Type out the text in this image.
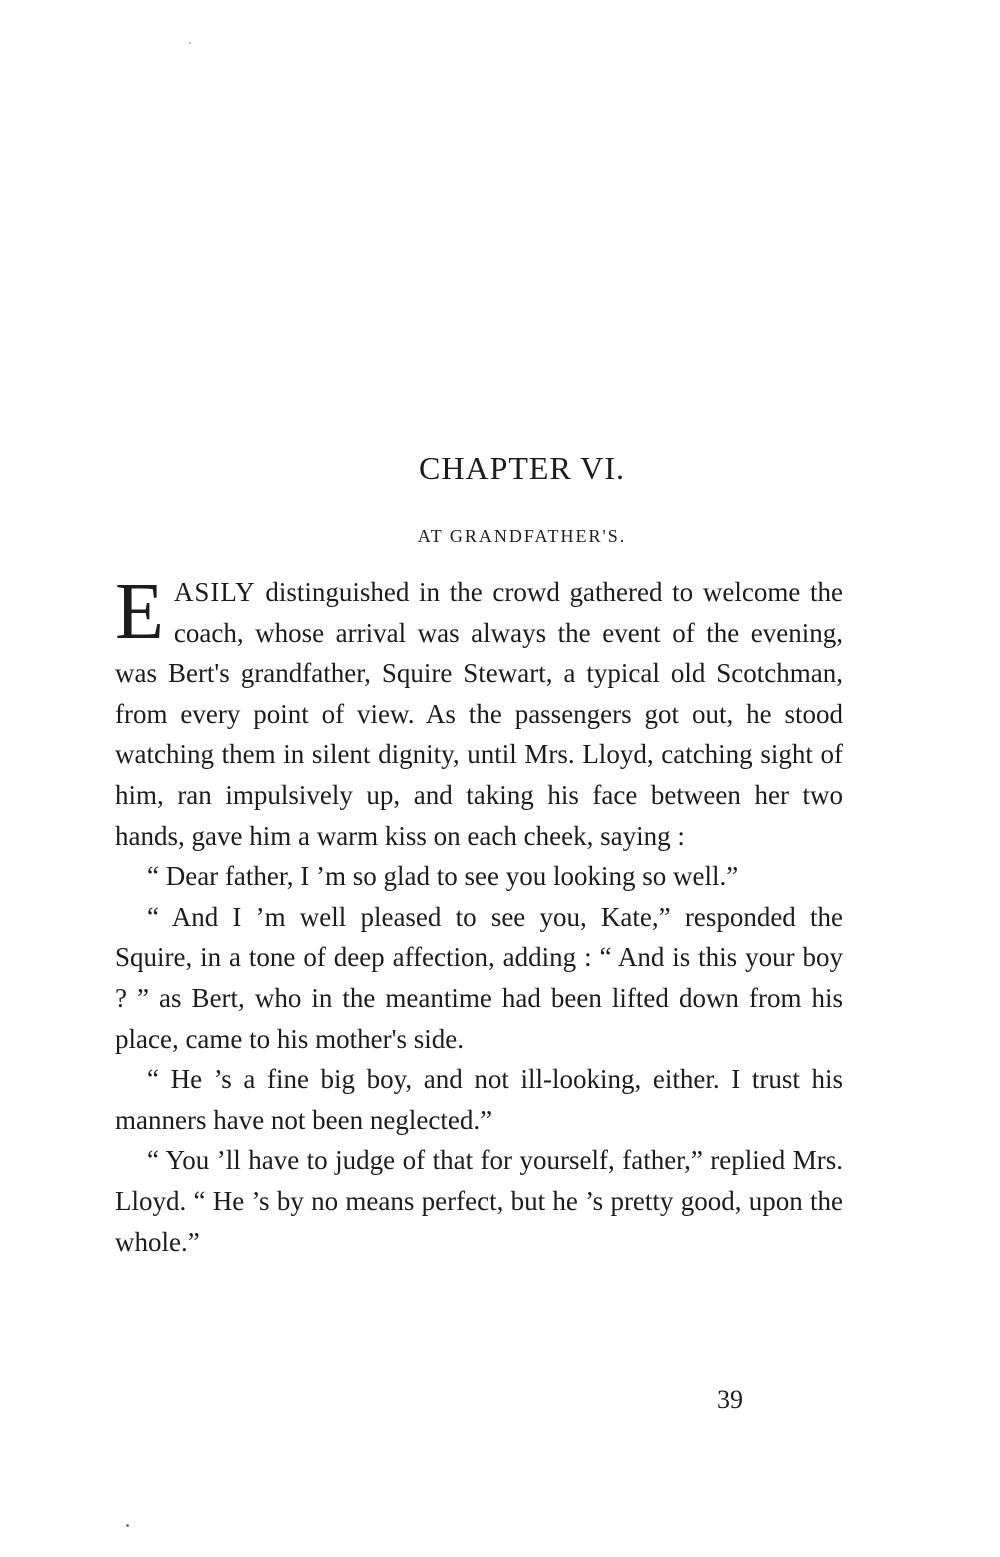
CHAPTER VI.
AT GRANDFATHER'S.

EASILY distinguished in the crowd gathered to welcome the coach, whose arrival was always the event of the evening, was Bert's grandfather, Squire Stewart, a typical old Scotchman, from every point of view. As the passengers got out, he stood watching them in silent dignity, until Mrs. Lloyd, catching sight of him, ran impulsively up, and taking his face between her two hands, gave him a warm kiss on each cheek, saying :

“ Dear father, I ’m so glad to see you looking so well.”

“ And I ’m well pleased to see you, Kate,” responded the Squire, in a tone of deep affection, adding : “ And is this your boy ? ” as Bert, who in the meantime had been lifted down from his place, came to his mother's side.

“ He ’s a fine big boy, and not ill-looking, either. I trust his manners have not been neglected.”

“ You ’ll have to judge of that for yourself, father,” replied Mrs. Lloyd. “ He ’s by no means perfect, but he ’s pretty good, upon the whole.”

39
